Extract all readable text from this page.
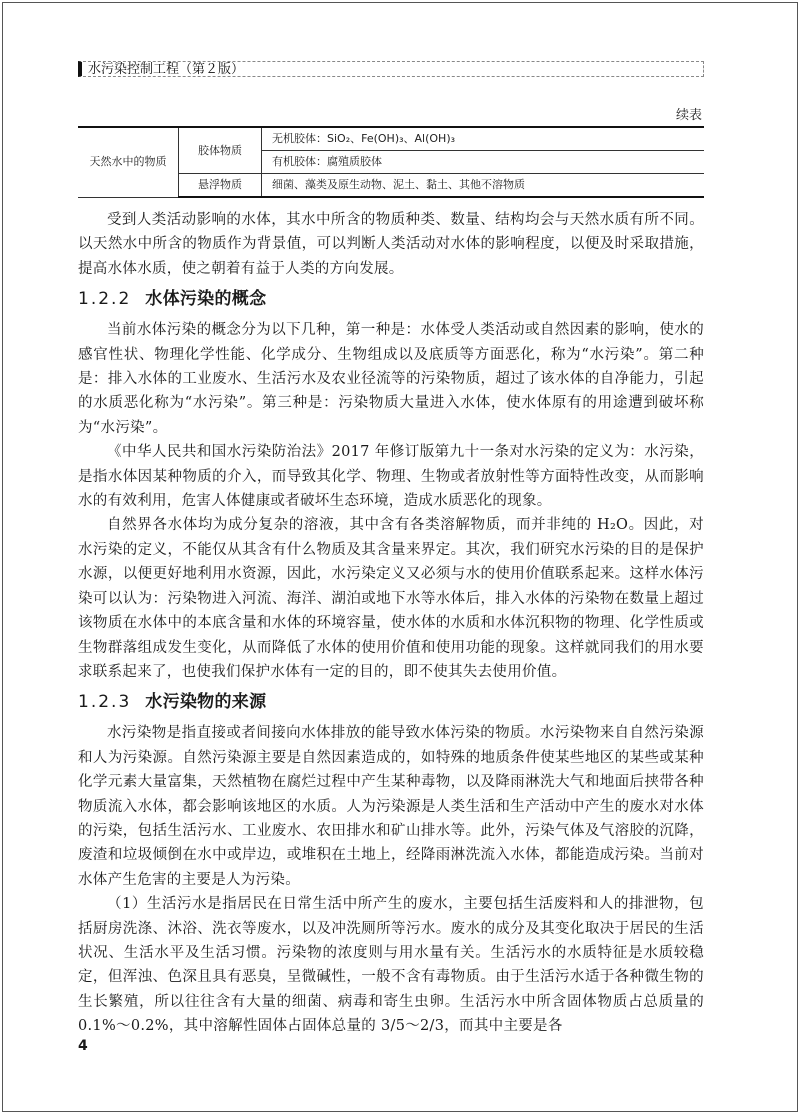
水污染控制工程（第２版）
续表
天然水中的物质	胶体物质	无机胶体：SiO₂、Fe(OH)₃、Al(OH)₃
		有机胶体：腐殖质胶体
	悬浮物质	细菌、藻类及原生动物、泥土、黏土、其他不溶物质

受到人类活动影响的水体，其水中所含的物质种类、数量、结构均会与天然水质有所不同。以天然水中所含的物质作为背景值，可以判断人类活动对水体的影响程度，以便及时采取措施，提高水体水质，使之朝着有益于人类的方向发展。

1.2.2 水体污染的概念

当前水体污染的概念分为以下几种，第一种是：水体受人类活动或自然因素的影响，使水的感官性状、物理化学性能、化学成分、生物组成以及底质等方面恶化，称为“水污染”。第二种是：排入水体的工业废水、生活污水及农业径流等的污染物质，超过了该水体的自净能力，引起的水质恶化称为“水污染”。第三种是：污染物质大量进入水体，使水体原有的用途遭到破坏称为“水污染”。

《中华人民共和国水污染防治法》2017 年修订版第九十一条对水污染的定义为：水污染，是指水体因某种物质的介入，而导致其化学、物理、生物或者放射性等方面特性改变，从而影响水的有效利用，危害人体健康或者破坏生态环境，造成水质恶化的现象。

自然界各水体均为成分复杂的溶液，其中含有各类溶解物质，而并非纯的 H₂O。因此，对水污染的定义，不能仅从其含有什么物质及其含量来界定。其次，我们研究水污染的目的是保护水源，以便更好地利用水资源，因此，水污染定义又必须与水的使用价值联系起来。这样水体污染可以认为：污染物进入河流、海洋、湖泊或地下水等水体后，排入水体的污染物在数量上超过该物质在水体中的本底含量和水体的环境容量，使水体的水质和水体沉积物的物理、化学性质或生物群落组成发生变化，从而降低了水体的使用价值和使用功能的现象。这样就同我们的用水要求联系起来了，也使我们保护水体有一定的目的，即不使其失去使用价值。

1.2.3 水污染物的来源

水污染物是指直接或者间接向水体排放的能导致水体污染的物质。水污染物来自自然污染源和人为污染源。自然污染源主要是自然因素造成的，如特殊的地质条件使某些地区的某些或某种化学元素大量富集，天然植物在腐烂过程中产生某种毒物，以及降雨淋洗大气和地面后挟带各种物质流入水体，都会影响该地区的水质。人为污染源是人类生活和生产活动中产生的废水对水体的污染，包括生活污水、工业废水、农田排水和矿山排水等。此外，污染气体及气溶胶的沉降，废渣和垃圾倾倒在水中或岸边，或堆积在土地上，经降雨淋洗流入水体，都能造成污染。当前对水体产生危害的主要是人为污染。

（1）生活污水是指居民在日常生活中所产生的废水，主要包括生活废料和人的排泄物，包括厨房洗涤、沐浴、洗衣等废水，以及冲洗厕所等污水。废水的成分及其变化取决于居民的生活状况、生活水平及生活习惯。污染物的浓度则与用水量有关。生活污水的水质特征是水质较稳定，但浑浊、色深且具有恶臭，呈微碱性，一般不含有毒物质。由于生活污水适于各种微生物的生长繁殖，所以往往含有大量的细菌、病毒和寄生虫卵。生活污水中所含固体物质占总质量的 0.1%～0.2%，其中溶解性固体占固体总量的 3/5～2/3，而其中主要是各

4
